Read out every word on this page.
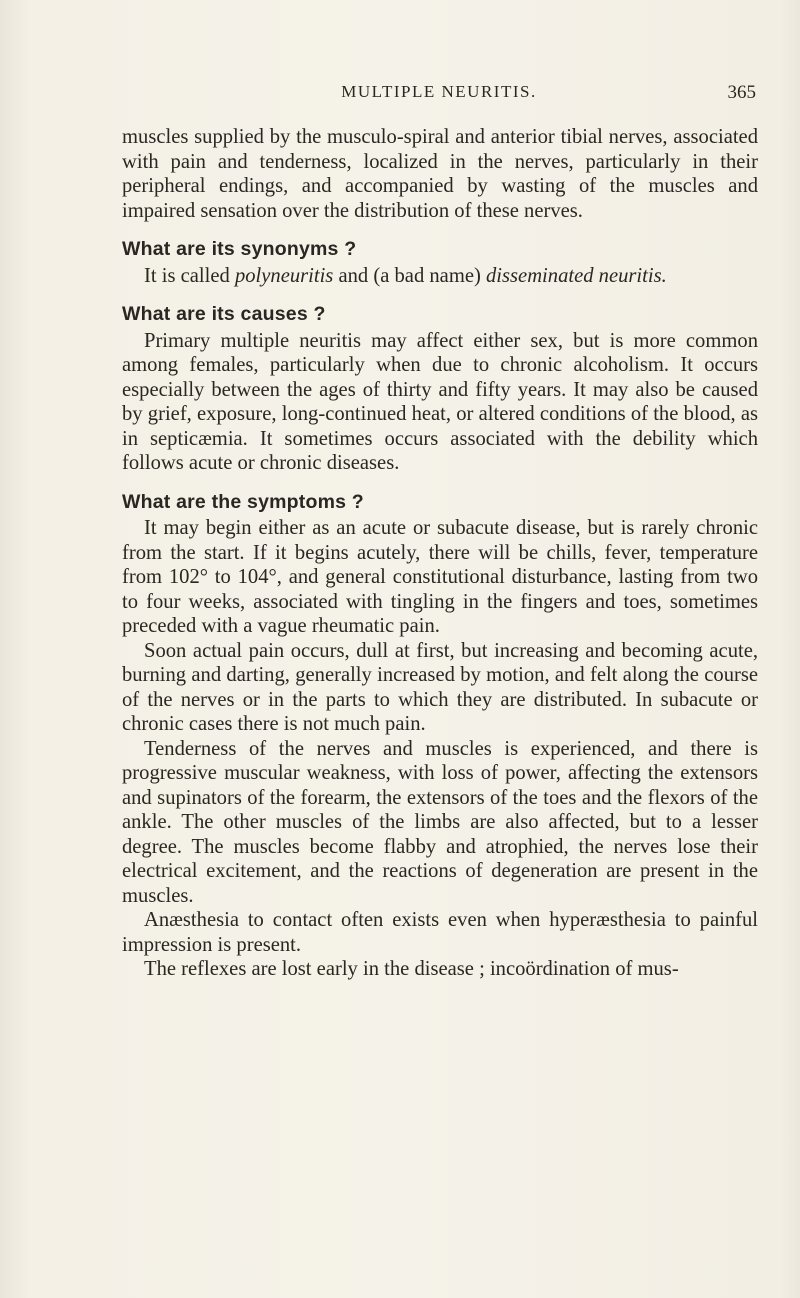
MULTIPLE NEURITIS.	365

muscles supplied by the musculo-spiral and anterior tibial nerves, associated with pain and tenderness, localized in the nerves, particularly in their peripheral endings, and accompanied by wasting of the muscles and impaired sensation over the distribution of these nerves.

What are its synonyms ?

It is called polyneuritis and (a bad name) disseminated neuritis.

What are its causes ?

Primary multiple neuritis may affect either sex, but is more common among females, particularly when due to chronic alcoholism. It occurs especially between the ages of thirty and fifty years. It may also be caused by grief, exposure, long-continued heat, or altered conditions of the blood, as in septicæmia. It sometimes occurs associated with the debility which follows acute or chronic diseases.

What are the symptoms ?

It may begin either as an acute or subacute disease, but is rarely chronic from the start. If it begins acutely, there will be chills, fever, temperature from 102° to 104°, and general constitutional disturbance, lasting from two to four weeks, associated with tingling in the fingers and toes, sometimes preceded with a vague rheumatic pain.

Soon actual pain occurs, dull at first, but increasing and becoming acute, burning and darting, generally increased by motion, and felt along the course of the nerves or in the parts to which they are distributed. In subacute or chronic cases there is not much pain.

Tenderness of the nerves and muscles is experienced, and there is progressive muscular weakness, with loss of power, affecting the extensors and supinators of the forearm, the extensors of the toes and the flexors of the ankle. The other muscles of the limbs are also affected, but to a lesser degree. The muscles become flabby and atrophied, the nerves lose their electrical excitement, and the reactions of degeneration are present in the muscles.

Anæsthesia to contact often exists even when hyperæsthesia to painful impression is present.

The reflexes are lost early in the disease ; incoördination of mus-
